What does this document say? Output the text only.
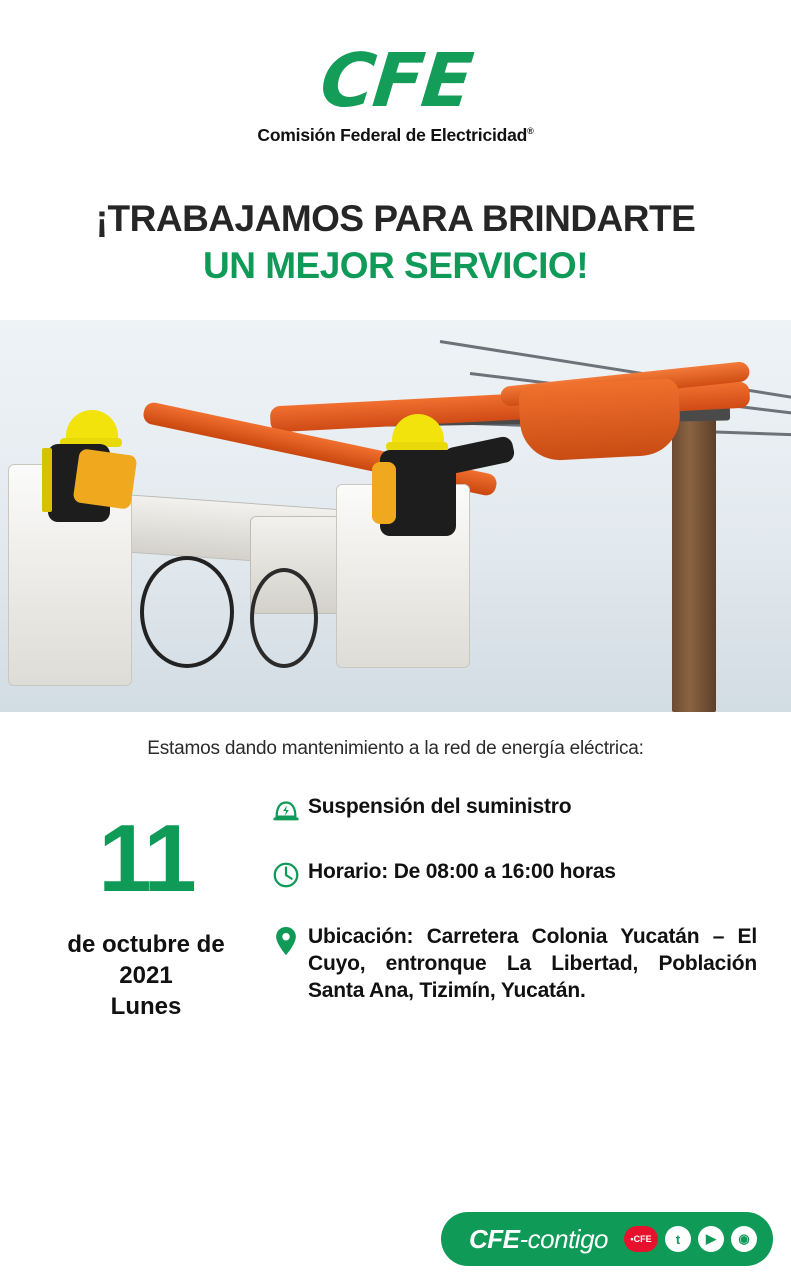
CFE
Comisión Federal de Electricidad®
¡TRABAJAMOS PARA BRINDARTE
UN MEJOR SERVICIO!
Estamos dando mantenimiento a la red de energía eléctrica:
11
de octubre de
2021
Lunes
Suspensión del suministro
Horario: De 08:00 a 16:00 horas
Ubicación: Carretera Colonia Yucatán – El Cuyo, entronque La Libertad, Población Santa Ana, Tizimín, Yucatán.
CFE-contigo	•CFE	t	▶	◉
